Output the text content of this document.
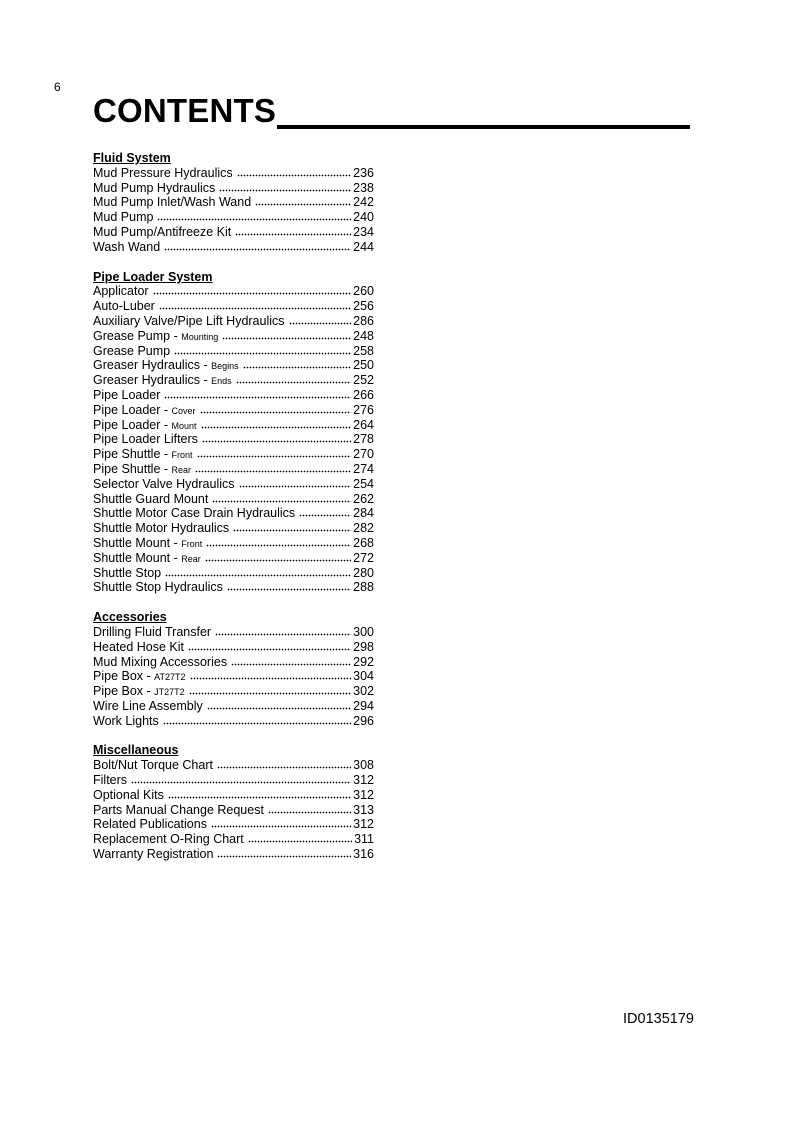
6
CONTENTS
Fluid System
Mud Pressure Hydraulics	236
Mud Pump Hydraulics	238
Mud Pump Inlet/Wash Wand	242
Mud Pump	240
Mud Pump/Antifreeze Kit	234
Wash Wand	244
Pipe Loader System
Applicator	260
Auto-Luber	256
Auxiliary Valve/Pipe Lift Hydraulics	286
Grease Pump - Mounting	248
Grease Pump	258
Greaser Hydraulics - Begins	250
Greaser Hydraulics - Ends	252
Pipe Loader	266
Pipe Loader - Cover	276
Pipe Loader - Mount	264
Pipe Loader Lifters	278
Pipe Shuttle - Front	270
Pipe Shuttle - Rear	274
Selector Valve Hydraulics	254
Shuttle Guard Mount	262
Shuttle Motor Case Drain Hydraulics	284
Shuttle Motor Hydraulics	282
Shuttle Mount - Front	268
Shuttle Mount - Rear	272
Shuttle Stop	280
Shuttle Stop Hydraulics	288
Accessories
Drilling Fluid Transfer	300
Heated Hose Kit	298
Mud Mixing Accessories	292
Pipe Box - AT27T2	304
Pipe Box - JT27T2	302
Wire Line Assembly	294
Work Lights	296
Miscellaneous
Bolt/Nut Torque Chart	308
Filters	312
Optional Kits	312
Parts Manual Change Request	313
Related Publications	312
Replacement O-Ring Chart	311
Warranty Registration	316
ID0135179
